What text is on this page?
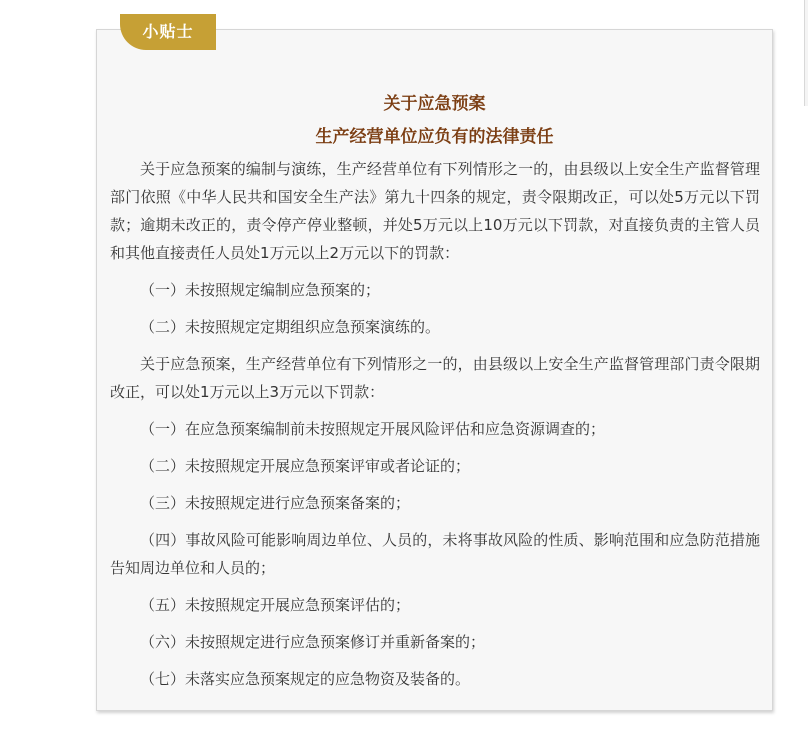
小贴士
关于应急预案
生产经营单位应负有的法律责任

关于应急预案的编制与演练，生产经营单位有下列情形之一的，由县级以上安全生产监督管理部门依照《中华人民共和国安全生产法》第九十四条的规定，责令限期改正，可以处5万元以下罚款；逾期未改正的，责令停产停业整顿，并处5万元以上10万元以下罚款，对直接负责的主管人员和其他直接责任人员处1万元以上2万元以下的罚款：

（一）未按照规定编制应急预案的；

（二）未按照规定定期组织应急预案演练的。

关于应急预案，生产经营单位有下列情形之一的，由县级以上安全生产监督管理部门责令限期改正，可以处1万元以上3万元以下罚款：

（一）在应急预案编制前未按照规定开展风险评估和应急资源调查的；

（二）未按照规定开展应急预案评审或者论证的；

（三）未按照规定进行应急预案备案的；

（四）事故风险可能影响周边单位、人员的，未将事故风险的性质、影响范围和应急防范措施告知周边单位和人员的；

（五）未按照规定开展应急预案评估的；

（六）未按照规定进行应急预案修订并重新备案的；

（七）未落实应急预案规定的应急物资及装备的。
